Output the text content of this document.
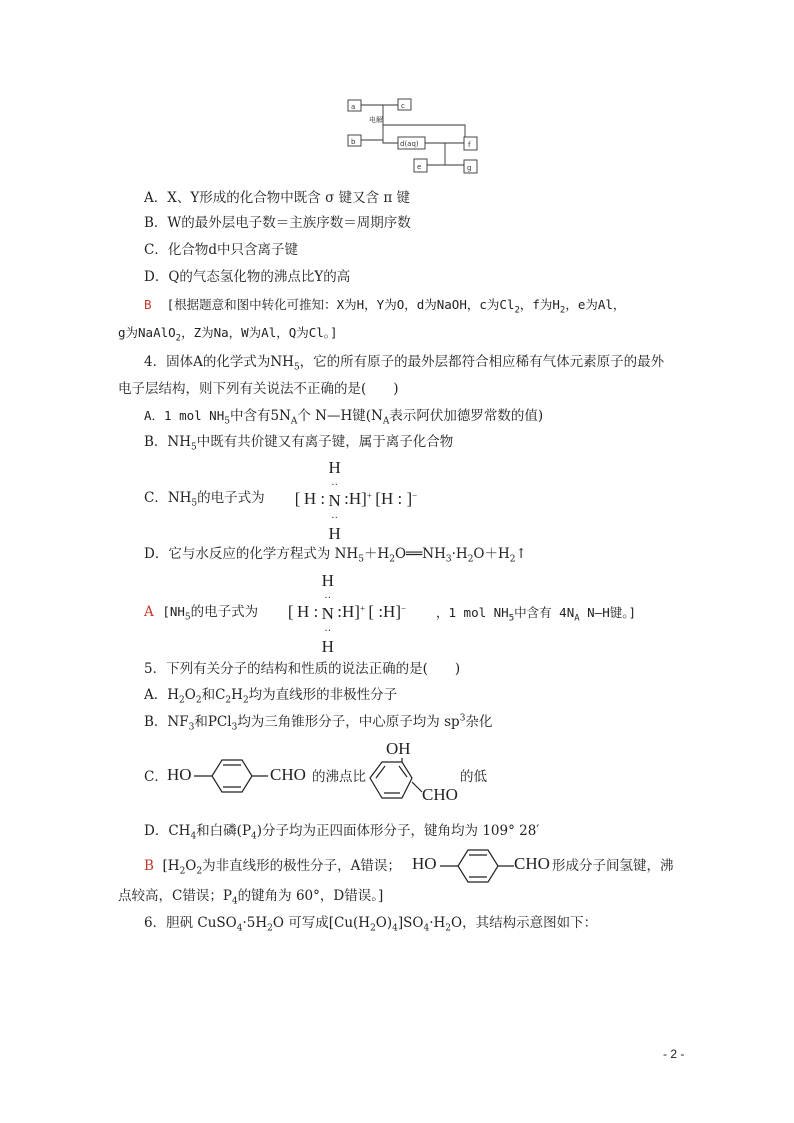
a
b
c
d(aq)
e
f
g
电解
A．X、Y形成的化合物中既含 σ 键又含 π 键
B．W的最外层电子数＝主族序数＝周期序数
C．化合物d中只含离子键
D．Q的气态氢化物的沸点比Y的高
B [根据题意和图中转化可推知：X为H，Y为O，d为NaOH，c为$Cl_2$，f为$H_2$，e为Al，
g为NaAlO$_2$，Z为Na，W为Al，Q为Cl。]
4．固体A的化学式为$NH_5$，它的所有原子的最外层都符合相应稀有气体元素原子的最外
电子层结构，则下列有关说法不正确的是(　　)
A．1 mol $NH_5$中含有$5N_A$个 N—H键($N_A$表示阿伏加德罗常数的值)
B．$NH_5$中既有共价键又有离子键，属于离子化合物
C．$NH_5$的电子式为	[ H : H
··
N
··
H :H]+ [H : ]−
D．它与水反应的化学方程式为 $NH_5+H_2O══NH_3\cdot H_2O+H_2↑$
A [$NH_5$的电子式为	[ H : H
··
N
··
H :H]+ [ :H]−	，1 mol $NH_5$中含有 $4N_A$ N—H键。]
5．下列有关分子的结构和性质的说法正确的是(　　)
A．$H_2O_2$和$C_2H_2$均为直线形的非极性分子
B．$NF_3$和PCl$_3$均为三角锥形分子，中心原子均为 $sp^3$杂化
C． HO	CHO 的沸点比
OH
CHO
的低
D．$CH_4$和白磷$(P_4)$分子均为正四面体形分子，键角均为 109° 28′
B [$H_2O_2$为非直线形的极性分子，A错误； HO	CHO 形成分子间氢键，沸
点较高，C错误；$P_4$的键角为 60°，D错误。]
6．胆矾 $CuSO_4\cdot 5H_2O$ 可写成$[Cu(H_2O)_4]SO_4\cdot H_2O$，其结构示意图如下：
- 2 -
